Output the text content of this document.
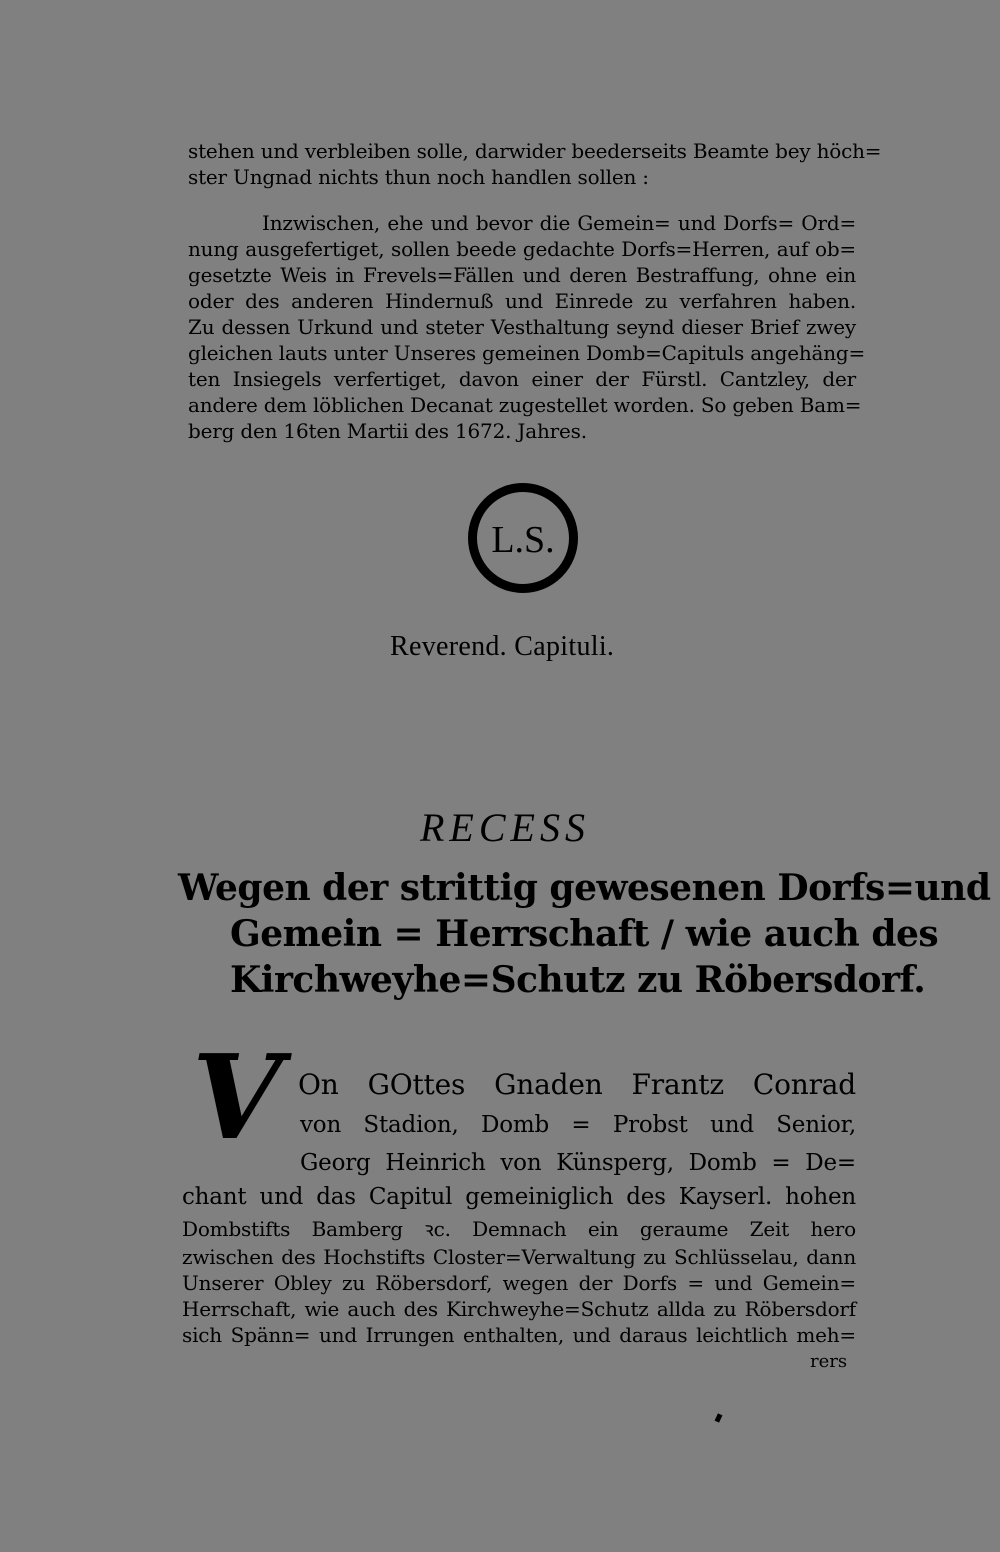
stehen und verbleiben solle, darwider beederseits Beamte bey höch=
ster Ungnad nichts thun noch handlen sollen :
Inzwischen, ehe und bevor die Gemein= und Dorfs= Ord=
nung ausgefertiget, sollen beede gedachte Dorfs=Herren, auf ob=
gesetzte Weis in Frevels=Fällen und deren Bestraffung, ohne ein
oder des anderen Hindernuß und Einrede zu verfahren haben.
Zu dessen Urkund und steter Vesthaltung seynd dieser Brief zwey
gleichen lauts unter Unseres gemeinen Domb=Capituls angehäng=
ten Insiegels verfertiget, davon einer der Fürstl. Cantzley, der
andere dem löblichen Decanat zugestellet worden. So geben Bam=
berg den 16ten Martii des 1672. Jahres.
L.S.
Reverend. Capituli.
RECESS
Wegen der strittig gewesenen Dorfs=und
Gemein = Herrschaft / wie auch des
Kirchweyhe=Schutz zu Röbersdorf.
V On GOttes Gnaden Frantz Conrad
von Stadion, Domb = Probst und Senior,
Georg Heinrich von Künsperg, Domb = De=
chant und das Capitul gemeiniglich des Kayserl. hohen
Dombstifts Bamberg ꝛc. Demnach ein geraume Zeit hero
zwischen des Hochstifts Closter=Verwaltung zu Schlüsselau, dann
Unserer Obley zu Röbersdorf, wegen der Dorfs = und Gemein=
Herrschaft, wie auch des Kirchweyhe=Schutz allda zu Röbersdorf
sich Spänn= und Irrungen enthalten, und daraus leichtlich meh=
rers
